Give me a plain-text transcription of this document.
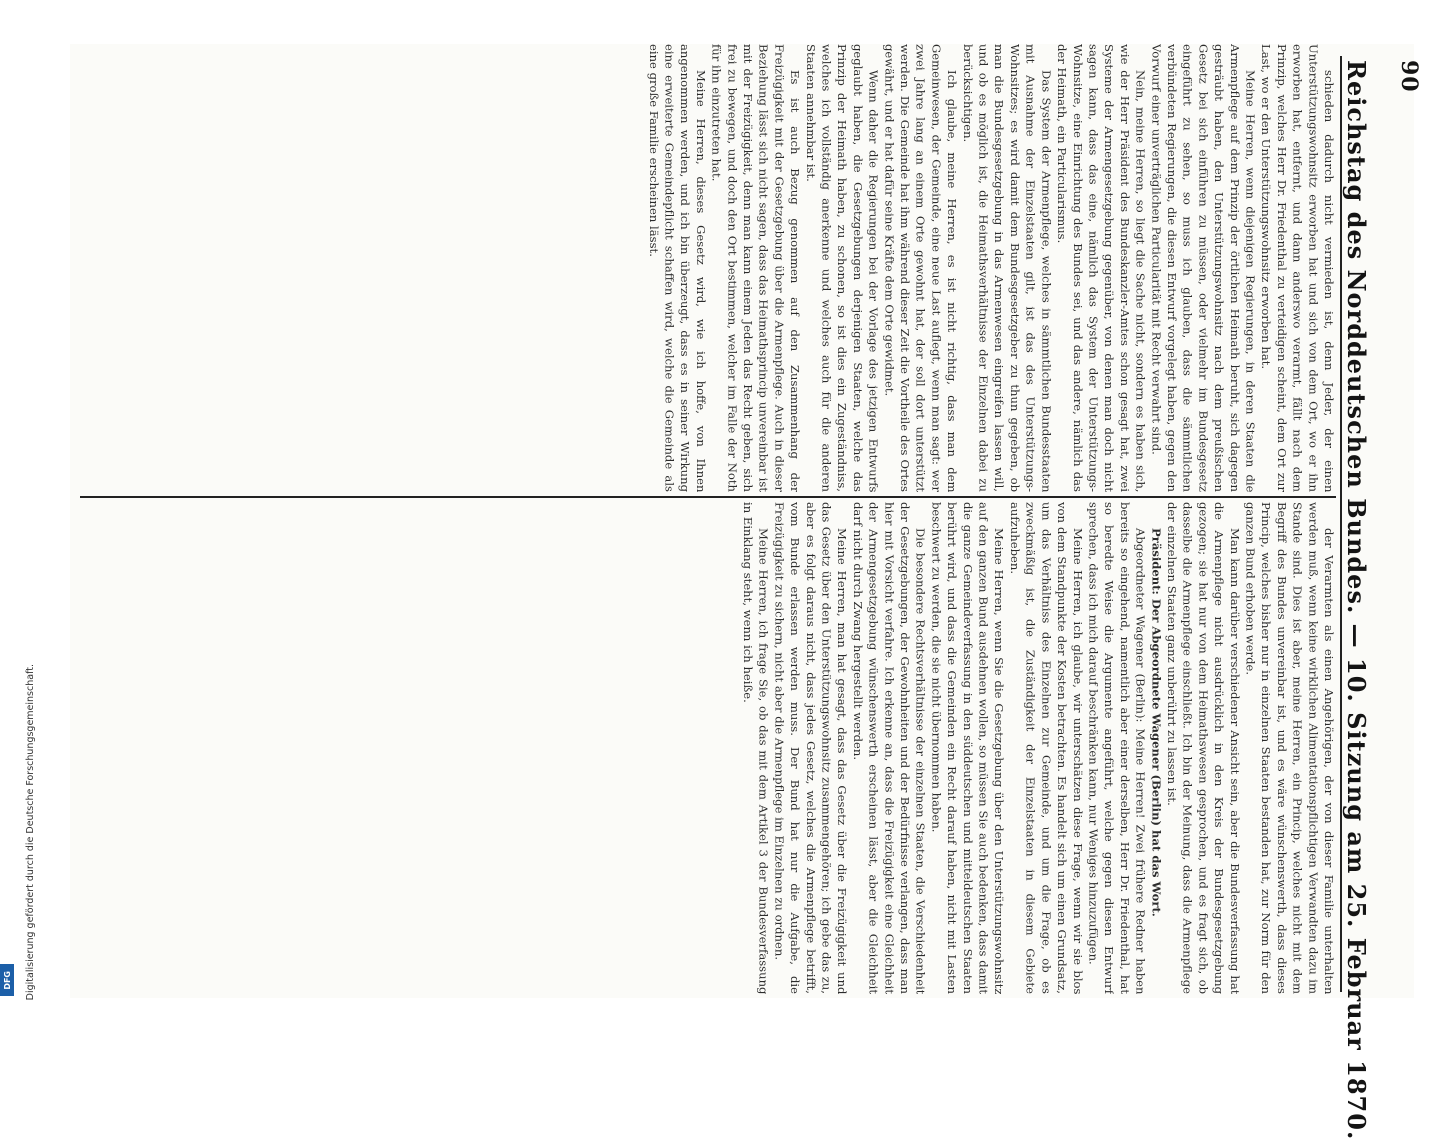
90
Reichstag des Norddeutschen Bundes. — 10. Sitzung am 25. Februar 1870.

schieden dadurch nicht vermieden ist, denn Jeder, der einen Unterstützungswohnsitz erworben hat und sich von dem Ort, wo er ihn erworben hat, entfernt, und dann anderswo verarmt, fällt nach dem Prinzip, welches Herr Dr. Friedenthal zu verteidigen scheint, dem Ort zur Last, wo er den Unterstützungswohnsitz erworben hat.

Meine Herren, wenn diejenigen Regierungen, in deren Staaten die Armenpflege auf dem Prinzip der örtlichen Heimath beruht, sich dagegen gesträubt haben, den Unterstützungswohnsitz nach dem preußischen Gesetz bei sich einführen zu müssen, oder vielmehr im Bundesgesetz eingeführt zu sehen, so muss ich glauben, dass die sämmtlichen verbündeten Regierungen, die diesen Entwurf vorgelegt haben, gegen den Vorwurf einer unverträglichen Particularität mit Recht verwahrt sind.

Nein, meine Herren, so liegt die Sache nicht, sondern es haben sich, wie der Herr Präsident des Bundeskanzler-Amtes schon gesagt hat, zwei Systeme der Armengesetzgebung gegenüber, von denen man doch nicht sagen kann, dass das eine, nämlich das System der Unterstützungs-Wohnsitze, eine Einrichtung des Bundes sei, und das andere, nämlich das der Heimath, ein Particularismus.

Das System der Armenpflege, welches in sämmtlichen Bundesstaaten mit Ausnahme der Einzelstaaten gilt, ist das des Unterstützungs-Wohnsitzes; es wird damit dem Bundesgesetzgeber zu thun gegeben, ob man die Bundesgesetzgebung in das Armenwesen eingreifen lassen will, und ob es möglich ist, die Heimathsverhältnisse der Einzelnen dabei zu berücksichtigen.

Ich glaube, meine Herren, es ist nicht richtig, dass man dem Gemeinwesen, der Gemeinde, eine neue Last auflegt, wenn man sagt: wer zwei Jahre lang an einem Orte gewohnt hat, der soll dort unterstützt werden. Die Gemeinde hat ihm während dieser Zeit die Vortheile des Ortes gewährt, und er hat dafür seine Kräfte dem Orte gewidmet.

Wenn daher die Regierungen bei der Vorlage des jetzigen Entwurfs geglaubt haben, die Gesetzgebungen derjenigen Staaten, welche das Prinzip der Heimath haben, zu schonen, so ist dies ein Zugeständniss, welches ich vollständig anerkenne und welches auch für die anderen Staaten annehmbar ist.

Es ist auch Bezug genommen auf den Zusammenhang der Freizügigkeit mit der Gesetzgebung über die Armenpflege. Auch in dieser Beziehung lässt sich nicht sagen, dass das Heimathsprincip unvereinbar ist mit der Freizügigkeit, denn man kann einem Jeden das Recht geben, sich frei zu bewegen, und doch den Ort bestimmen, welcher im Falle der Noth für ihn einzutreten hat.

Meine Herren, dieses Gesetz wird, wie ich hoffe, von Ihnen angenommen werden, und ich bin überzeugt, dass es in seiner Wirkung eine erweiterte Gemeindepflicht schaffen wird, welche die Gemeinde als eine große Familie erscheinen lässt.

der Verarmten als einen Angehörigen, der von dieser Familie unterhalten werden muß, wenn keine wirklichen Alimentationspflichtigen Verwandten dazu im Stande sind. Dies ist aber, meine Herren, ein Princip, welches nicht mit dem Begriff des Bundes unvereinbar ist, und es wäre wünschenswerth, dass dieses Princip, welches bisher nur in einzelnen Staaten bestanden hat, zur Norm für den ganzen Bund erhoben werde.

Man kann darüber verschiedener Ansicht sein, aber die Bundesverfassung hat die Armenpflege nicht ausdrücklich in den Kreis der Bundesgesetzgebung gezogen; sie hat nur von dem Heimathswesen gesprochen, und es fragt sich, ob dasselbe die Armenpflege einschließt. Ich bin der Meinung, dass die Armenpflege der einzelnen Staaten ganz unberührt zu lassen ist.

Präsident: Der Abgeordnete Wagener (Berlin) hat das Wort.

Abgeordneter Wagener (Berlin): Meine Herren! Zwei frühere Redner haben bereits so eingehend, namentlich aber einer derselben, Herr Dr. Friedenthal, hat so beredte Weise die Argumente angeführt, welche gegen diesen Entwurf sprechen, dass ich mich darauf beschränken kann, nur Weniges hinzuzufügen.

Meine Herren, ich glaube, wir unterschätzen diese Frage, wenn wir sie blos von dem Standpunkte der Kosten betrachten. Es handelt sich um einen Grundsatz, um das Verhältniss des Einzelnen zur Gemeinde, und um die Frage, ob es zweckmäßig ist, die Zuständigkeit der Einzelstaaten in diesem Gebiete aufzuheben.

Meine Herren, wenn Sie die Gesetzgebung über den Unterstützungswohnsitz auf den ganzen Bund ausdehnen wollen, so müssen Sie auch bedenken, dass damit die ganze Gemeindeverfassung in den süddeutschen und mitteldeutschen Staaten berührt wird, und dass die Gemeinden ein Recht darauf haben, nicht mit Lasten beschwert zu werden, die sie nicht übernommen haben.

Die besondere Rechtsverhältnisse der einzelnen Staaten, die Verschiedenheit der Gesetzgebungen, der Gewohnheiten und der Bedürfnisse verlangen, dass man hier mit Vorsicht verfahre. Ich erkenne an, dass die Freizügigkeit eine Gleichheit der Armengesetzgebung wünschenswerth erscheinen lässt, aber die Gleichheit darf nicht durch Zwang hergestellt werden.

Meine Herren, man hat gesagt, dass das Gesetz über die Freizügigkeit und das Gesetz über den Unterstützungswohnsitz zusammengehören; ich gebe das zu, aber es folgt daraus nicht, dass jedes Gesetz, welches die Armenpflege betrifft, vom Bunde erlassen werden muss. Der Bund hat nur die Aufgabe, die Freizügigkeit zu sichern, nicht aber die Armenpflege im Einzelnen zu ordnen.

Meine Herren, ich frage Sie, ob das mit dem Artikel 3 der Bundesverfassung in Einklang steht, wenn ich heiße.

Digitalisierung gefördert durch die Deutsche Forschungsgemeinschaft.
DFG
